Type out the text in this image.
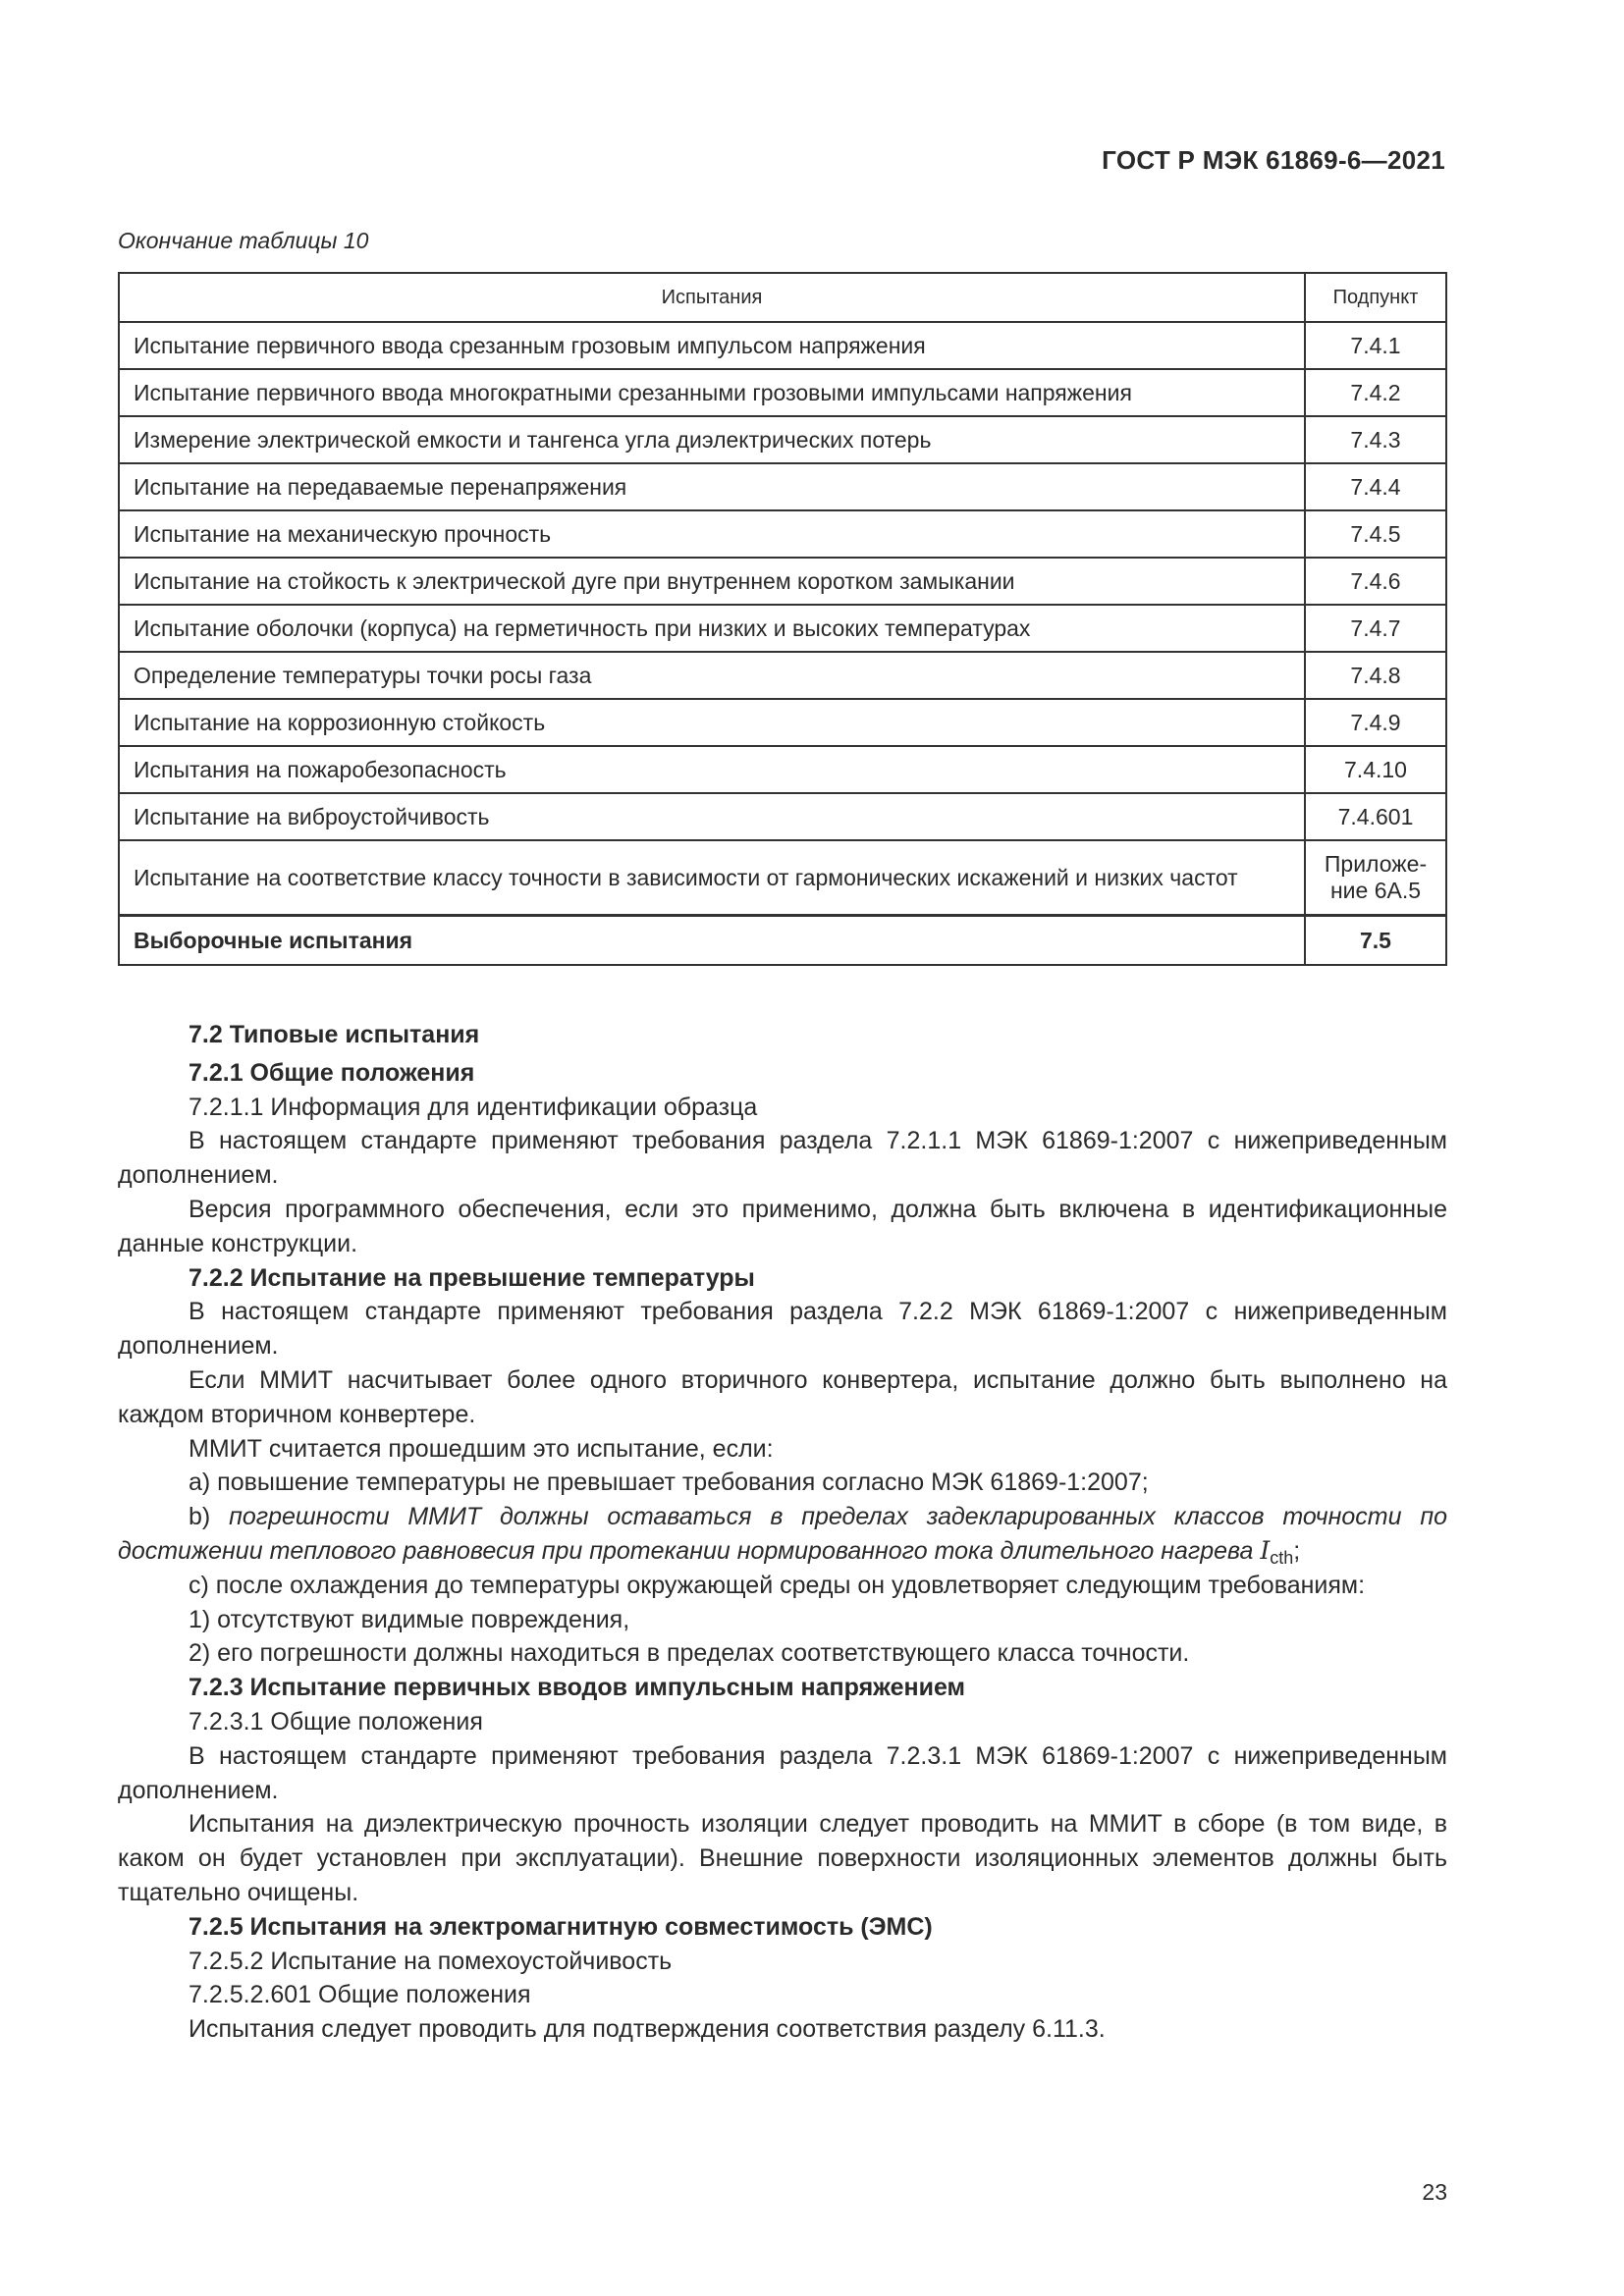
ГОСТ Р МЭК 61869-6—2021
Окончание таблицы 10
Испытания	Подпункт
Испытание первичного ввода срезанным грозовым импульсом напряжения	7.4.1
Испытание первичного ввода многократными срезанными грозовыми импульсами напряжения	7.4.2
Измерение электрической емкости и тангенса угла диэлектрических потерь	7.4.3
Испытание на передаваемые перенапряжения	7.4.4
Испытание на механическую прочность	7.4.5
Испытание на стойкость к электрической дуге при внутреннем коротком замыкании	7.4.6
Испытание оболочки (корпуса) на герметичность при низких и высоких температурах	7.4.7
Определение температуры точки росы газа	7.4.8
Испытание на коррозионную стойкость	7.4.9
Испытания на пожаробезопасность	7.4.10
Испытание на виброустойчивость	7.4.601
Испытание на соответствие классу точности в зависимости от гармонических искажений и низких частот	Приложе-ние 6А.5
Выборочные испытания	7.5

7.2 Типовые испытания

7.2.1 Общие положения

7.2.1.1 Информация для идентификации образца

В настоящем стандарте применяют требования раздела 7.2.1.1 МЭК 61869-1:2007 с нижеприведенным дополнением.

Версия программного обеспечения, если это применимо, должна быть включена в идентификационные данные конструкции.

7.2.2 Испытание на превышение температуры

В настоящем стандарте применяют требования раздела 7.2.2 МЭК 61869-1:2007 с нижеприведенным дополнением.

Если ММИТ насчитывает более одного вторичного конвертера, испытание должно быть выполнено на каждом вторичном конвертере.

ММИТ считается прошедшим это испытание, если:

а) повышение температуры не превышает требования согласно МЭК 61869-1:2007;

b) погрешности ММИТ должны оставаться в пределах задекларированных классов точности по достижении теплового равновесия при протекании нормированного тока длительного нагрева $I_{cth}$;

с) после охлаждения до температуры окружающей среды он удовлетворяет следующим требованиям:

1) отсутствуют видимые повреждения,

2) его погрешности должны находиться в пределах соответствующего класса точности.

7.2.3 Испытание первичных вводов импульсным напряжением

7.2.3.1 Общие положения

В настоящем стандарте применяют требования раздела 7.2.3.1 МЭК 61869-1:2007 с нижеприведенным дополнением.

Испытания на диэлектрическую прочность изоляции следует проводить на ММИТ в сборе (в том виде, в каком он будет установлен при эксплуатации). Внешние поверхности изоляционных элементов должны быть тщательно очищены.

7.2.5 Испытания на электромагнитную совместимость (ЭМС)

7.2.5.2 Испытание на помехоустойчивость

7.2.5.2.601 Общие положения

Испытания следует проводить для подтверждения соответствия разделу 6.11.3.

23
